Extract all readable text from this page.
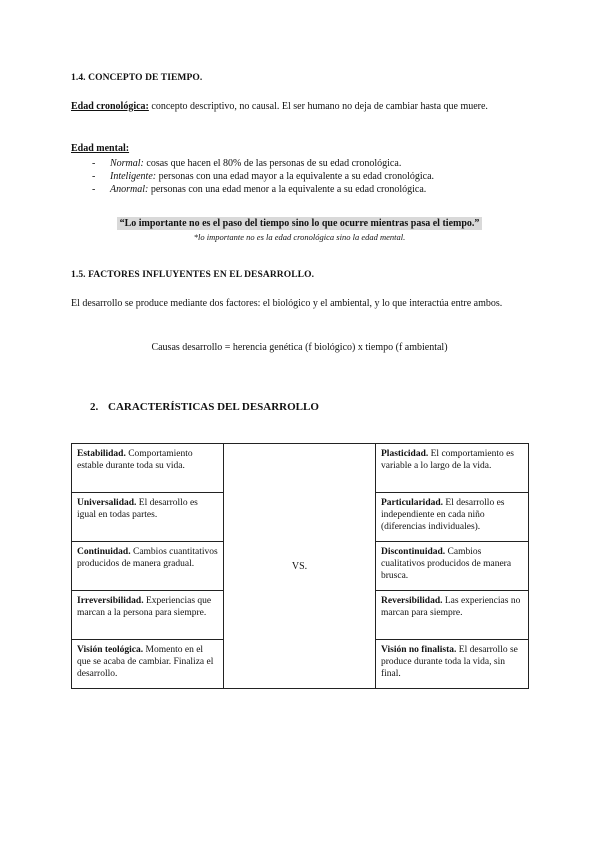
1.4. CONCEPTO DE TIEMPO.
Edad cronológica: concepto descriptivo, no causal. El ser humano no deja de cambiar hasta que muere.
Edad mental:
- Normal: cosas que hacen el 80% de las personas de su edad cronológica.
- Inteligente: personas con una edad mayor a la equivalente a su edad cronológica.
- Anormal: personas con una edad menor a la equivalente a su edad cronológica.
“Lo importante no es el paso del tiempo sino lo que ocurre mientras pasa el tiempo.”
*lo importante no es la edad cronológica sino la edad mental.
1.5. FACTORES INFLUYENTES EN EL DESARROLLO.
El desarrollo se produce mediante dos factores: el biológico y el ambiental, y lo que interactúa entre ambos.
Causas desarrollo = herencia genética (f biológico) x tiempo (f ambiental)
2. CARACTERÍSTICAS DEL DESARROLLO
Estabilidad. Comportamiento estable durante toda su vida.	VS.	Plasticidad. El comportamiento es variable a lo largo de la vida.
Universalidad. El desarrollo es igual en todas partes.		Particularidad. El desarrollo es independiente en cada niño (diferencias individuales).
Continuidad. Cambios cuantitativos producidos de manera gradual.		Discontinuidad. Cambios cualitativos producidos de manera brusca.
Irreversibilidad. Experiencias que marcan a la persona para siempre.		Reversibilidad. Las experiencias no marcan para siempre.
Visión teológica. Momento en el que se acaba de cambiar. Finaliza el desarrollo.		Visión no finalista. El desarrollo se produce durante toda la vida, sin final.
